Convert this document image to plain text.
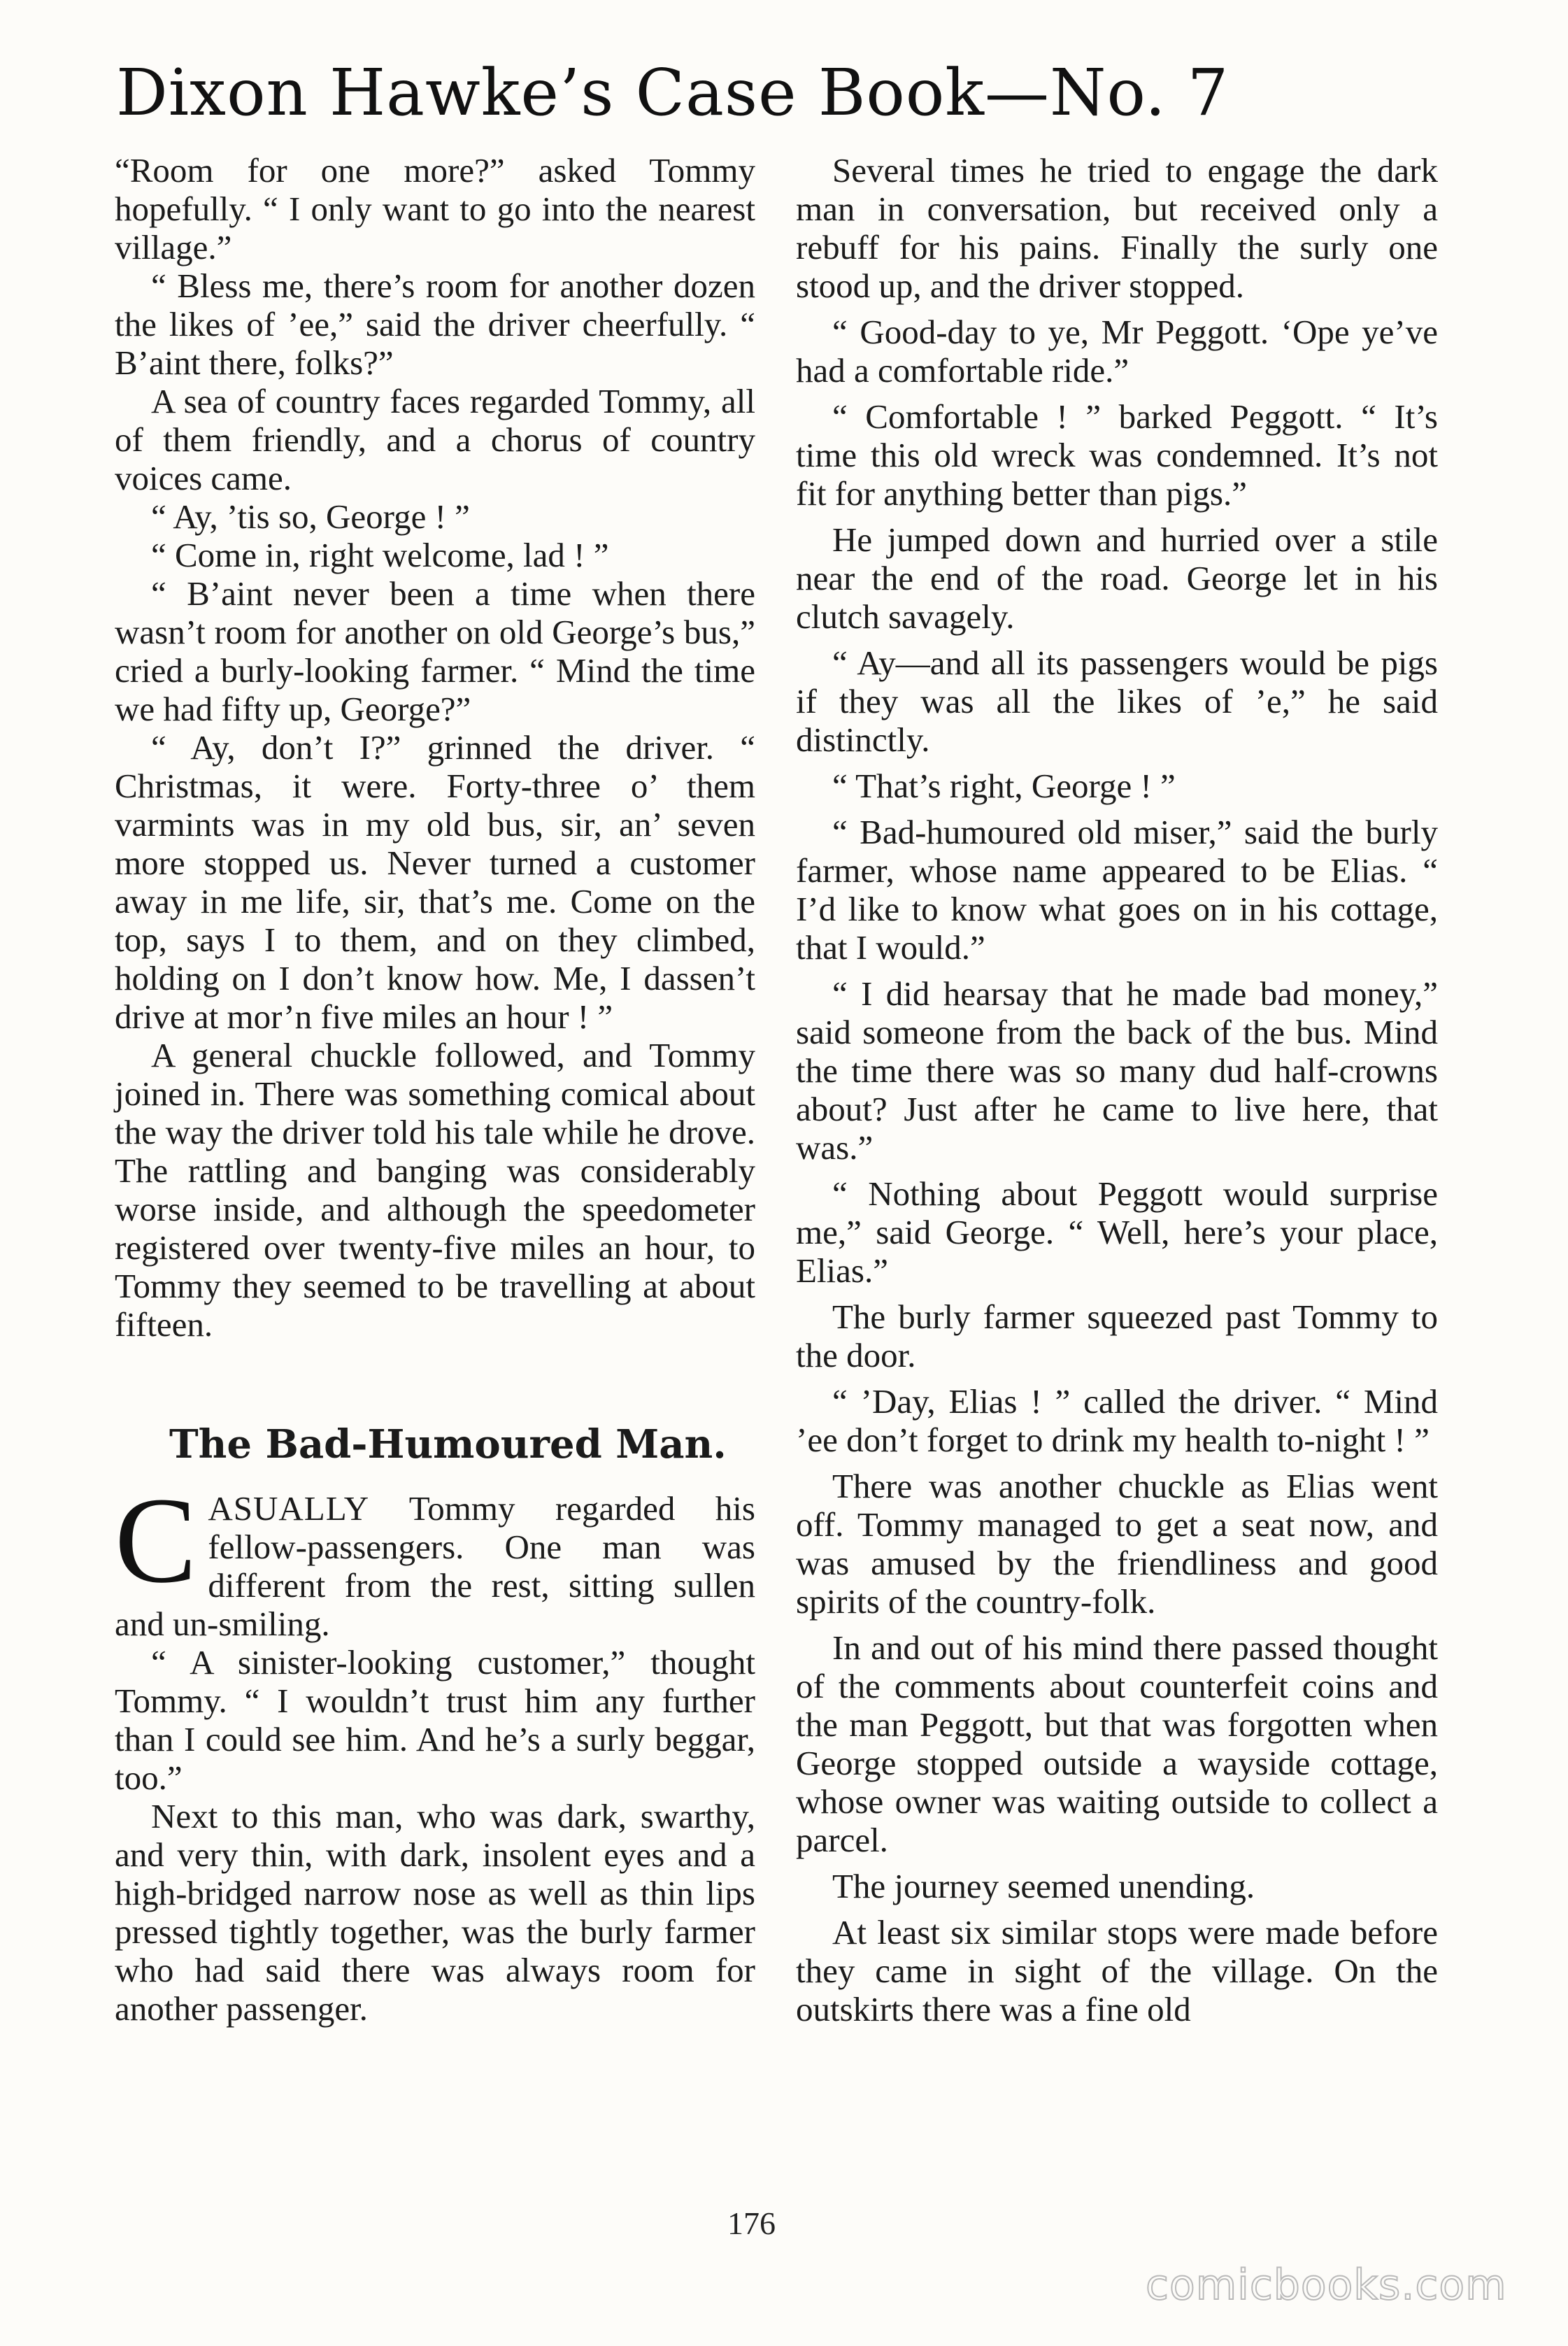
Dixon Hawke’s Case Book—No. 7

“Room for one more?” asked Tommy hopefully. “ I only want to go into the nearest village.”

“ Bless me, there’s room for another dozen the likes of ’ee,” said the driver cheerfully. “ B’aint there, folks?”

A sea of country faces regarded Tommy, all of them friendly, and a chorus of country voices came.

“ Ay, ’tis so, George ! ”

“ Come in, right welcome, lad ! ”

“ B’aint never been a time when there wasn’t room for another on old George’s bus,” cried a burly-looking farmer. “ Mind the time we had fifty up, George?”

“ Ay, don’t I?” grinned the driver. “ Christmas, it were. Forty-three o’ them varmints was in my old bus, sir, an’ seven more stopped us. Never turned a customer away in me life, sir, that’s me. Come on the top, says I to them, and on they climbed, holding on I don’t know how. Me, I dassen’t drive at mor’n five miles an hour ! ”

A general chuckle followed, and Tommy joined in. There was something comical about the way the driver told his tale while he drove. The rattling and banging was considerably worse inside, and although the speedometer registered over twenty-five miles an hour, to Tommy they seemed to be travelling at about fifteen.

The Bad-Humoured Man.

CASUALLY Tommy regarded his fellow-passengers. One man was different from the rest, sitting sullen and un-smiling.

“ A sinister-looking customer,” thought Tommy. “ I wouldn’t trust him any further than I could see him. And he’s a surly beggar, too.”

Next to this man, who was dark, swarthy, and very thin, with dark, insolent eyes and a high-bridged narrow nose as well as thin lips pressed tightly together, was the burly farmer who had said there was always room for another passenger.

Several times he tried to engage the dark man in conversation, but received only a rebuff for his pains. Finally the surly one stood up, and the driver stopped.

“ Good-day to ye, Mr Peggott. ‘Ope ye’ve had a comfortable ride.”

“ Comfortable ! ” barked Peggott. “ It’s time this old wreck was condemned. It’s not fit for anything better than pigs.”

He jumped down and hurried over a stile near the end of the road. George let in his clutch savagely.

“ Ay—and all its passengers would be pigs if they was all the likes of ’e,” he said distinctly.

“ That’s right, George ! ”

“ Bad-humoured old miser,” said the burly farmer, whose name appeared to be Elias. “ I’d like to know what goes on in his cottage, that I would.”

“ I did hearsay that he made bad money,” said someone from the back of the bus. Mind the time there was so many dud half-crowns about? Just after he came to live here, that was.”

“ Nothing about Peggott would surprise me,” said George. “ Well, here’s your place, Elias.”

The burly farmer squeezed past Tommy to the door.

“ ’Day, Elias ! ” called the driver. “ Mind ’ee don’t forget to drink my health to-night ! ”

There was another chuckle as Elias went off. Tommy managed to get a seat now, and was amused by the friendliness and good spirits of the country-folk.

In and out of his mind there passed thought of the comments about counterfeit coins and the man Peggott, but that was forgotten when George stopped outside a wayside cottage, whose owner was waiting outside to collect a parcel.

The journey seemed unending.

At least six similar stops were made before they came in sight of the village. On the outskirts there was a fine old

176
comicbooks.com
